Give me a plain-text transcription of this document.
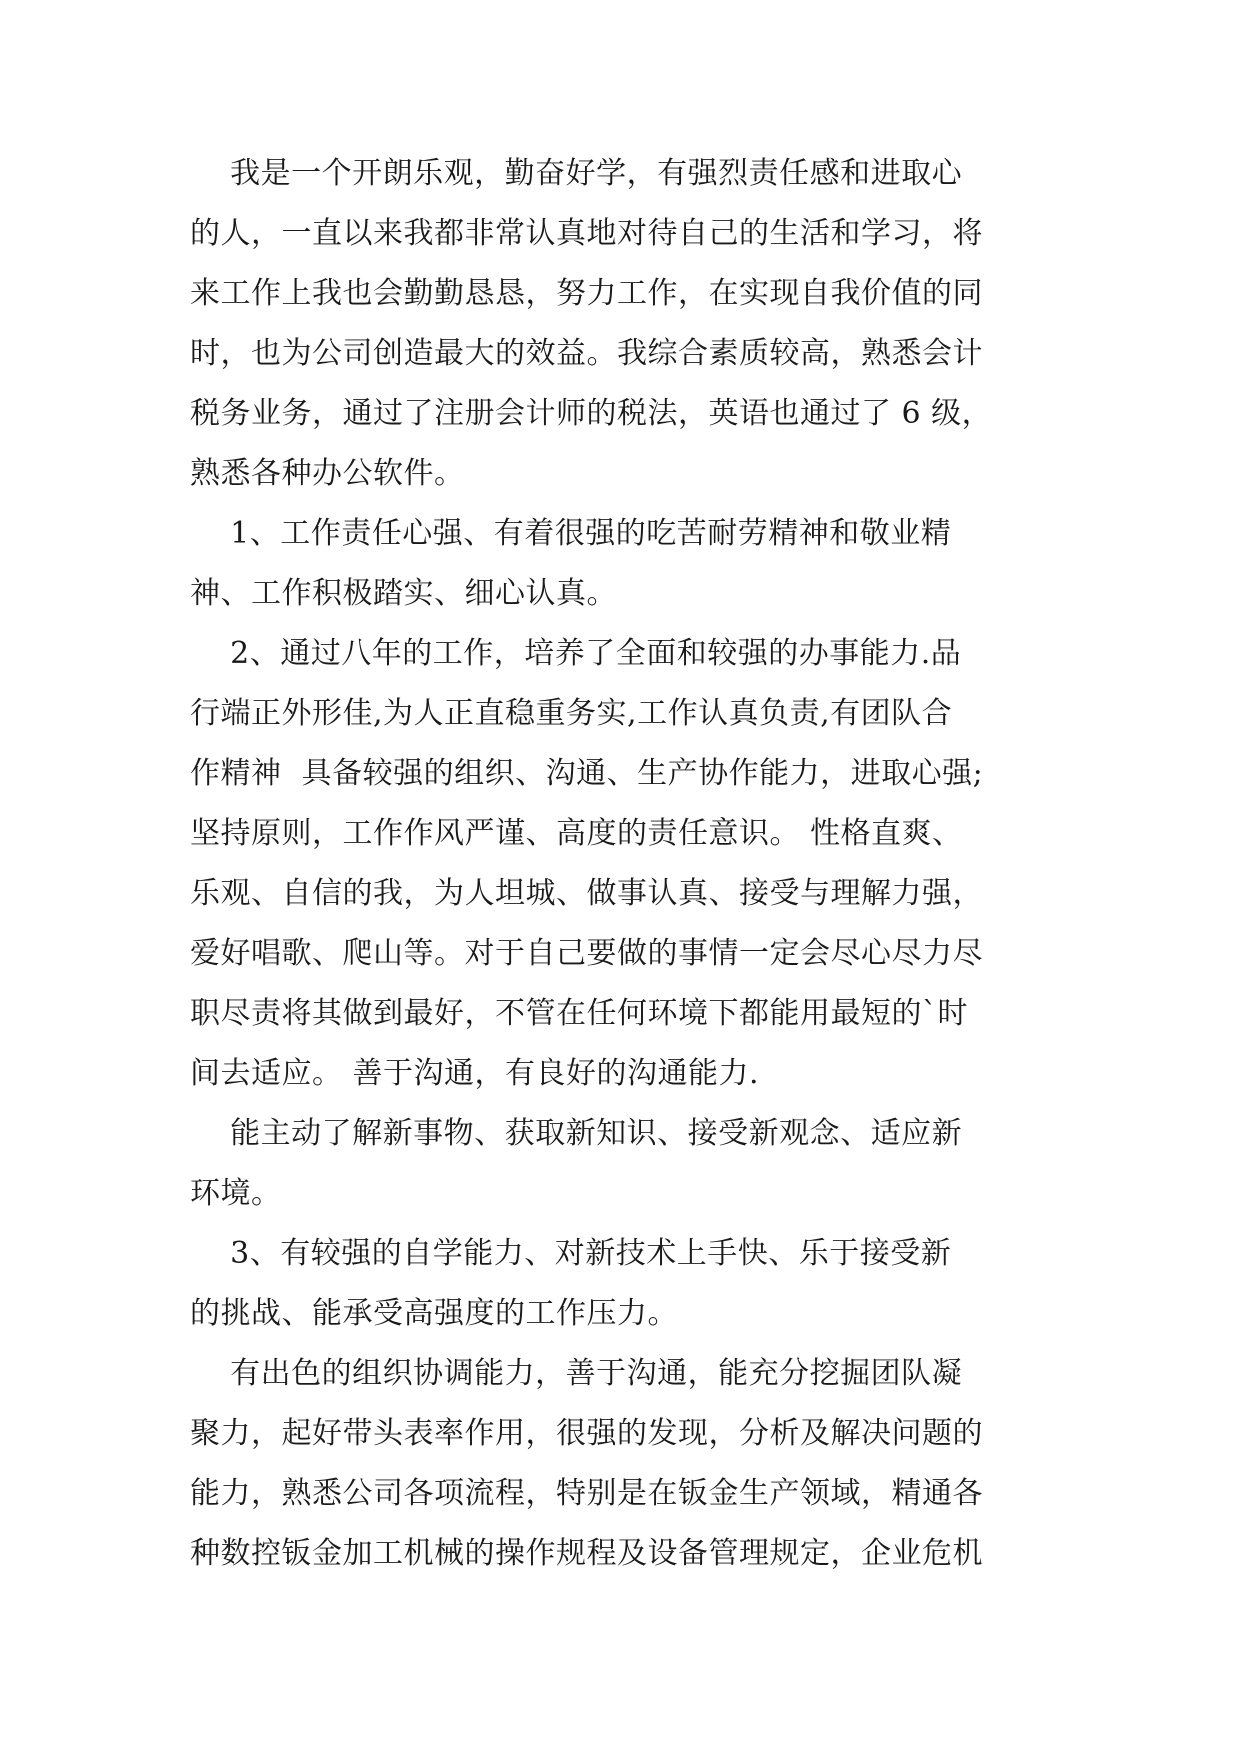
我是一个开朗乐观，勤奋好学，有强烈责任感和进取心
的人，一直以来我都非常认真地对待自己的生活和学习，将
来工作上我也会勤勤恳恳，努力工作，在实现自我价值的同
时，也为公司创造最大的效益。我综合素质较高，熟悉会计
税务业务，通过了注册会计师的税法，英语也通过了 6 级，
熟悉各种办公软件。
1、工作责任心强、有着很强的吃苦耐劳精神和敬业精
神、工作积极踏实、细心认真。
2、通过八年的工作，培养了全面和较强的办事能力.品
行端正外形佳,为人正直稳重务实,工作认真负责,有团队合
作精神  具备较强的组织、沟通、生产协作能力，进取心强;
坚持原则，工作作风严谨、高度的责任意识。 性格直爽、
乐观、自信的我，为人坦城、做事认真、接受与理解力强，
爱好唱歌、爬山等。对于自己要做的事情一定会尽心尽力尽
职尽责将其做到最好，不管在任何环境下都能用最短的`时
间去适应。 善于沟通，有良好的沟通能力.
能主动了解新事物、获取新知识、接受新观念、适应新
环境。
3、有较强的自学能力、对新技术上手快、乐于接受新
的挑战、能承受高强度的工作压力。
有出色的组织协调能力，善于沟通，能充分挖掘团队凝
聚力，起好带头表率作用，很强的发现，分析及解决问题的
能力，熟悉公司各项流程，特别是在钣金生产领域，精通各
种数控钣金加工机械的操作规程及设备管理规定，企业危机
